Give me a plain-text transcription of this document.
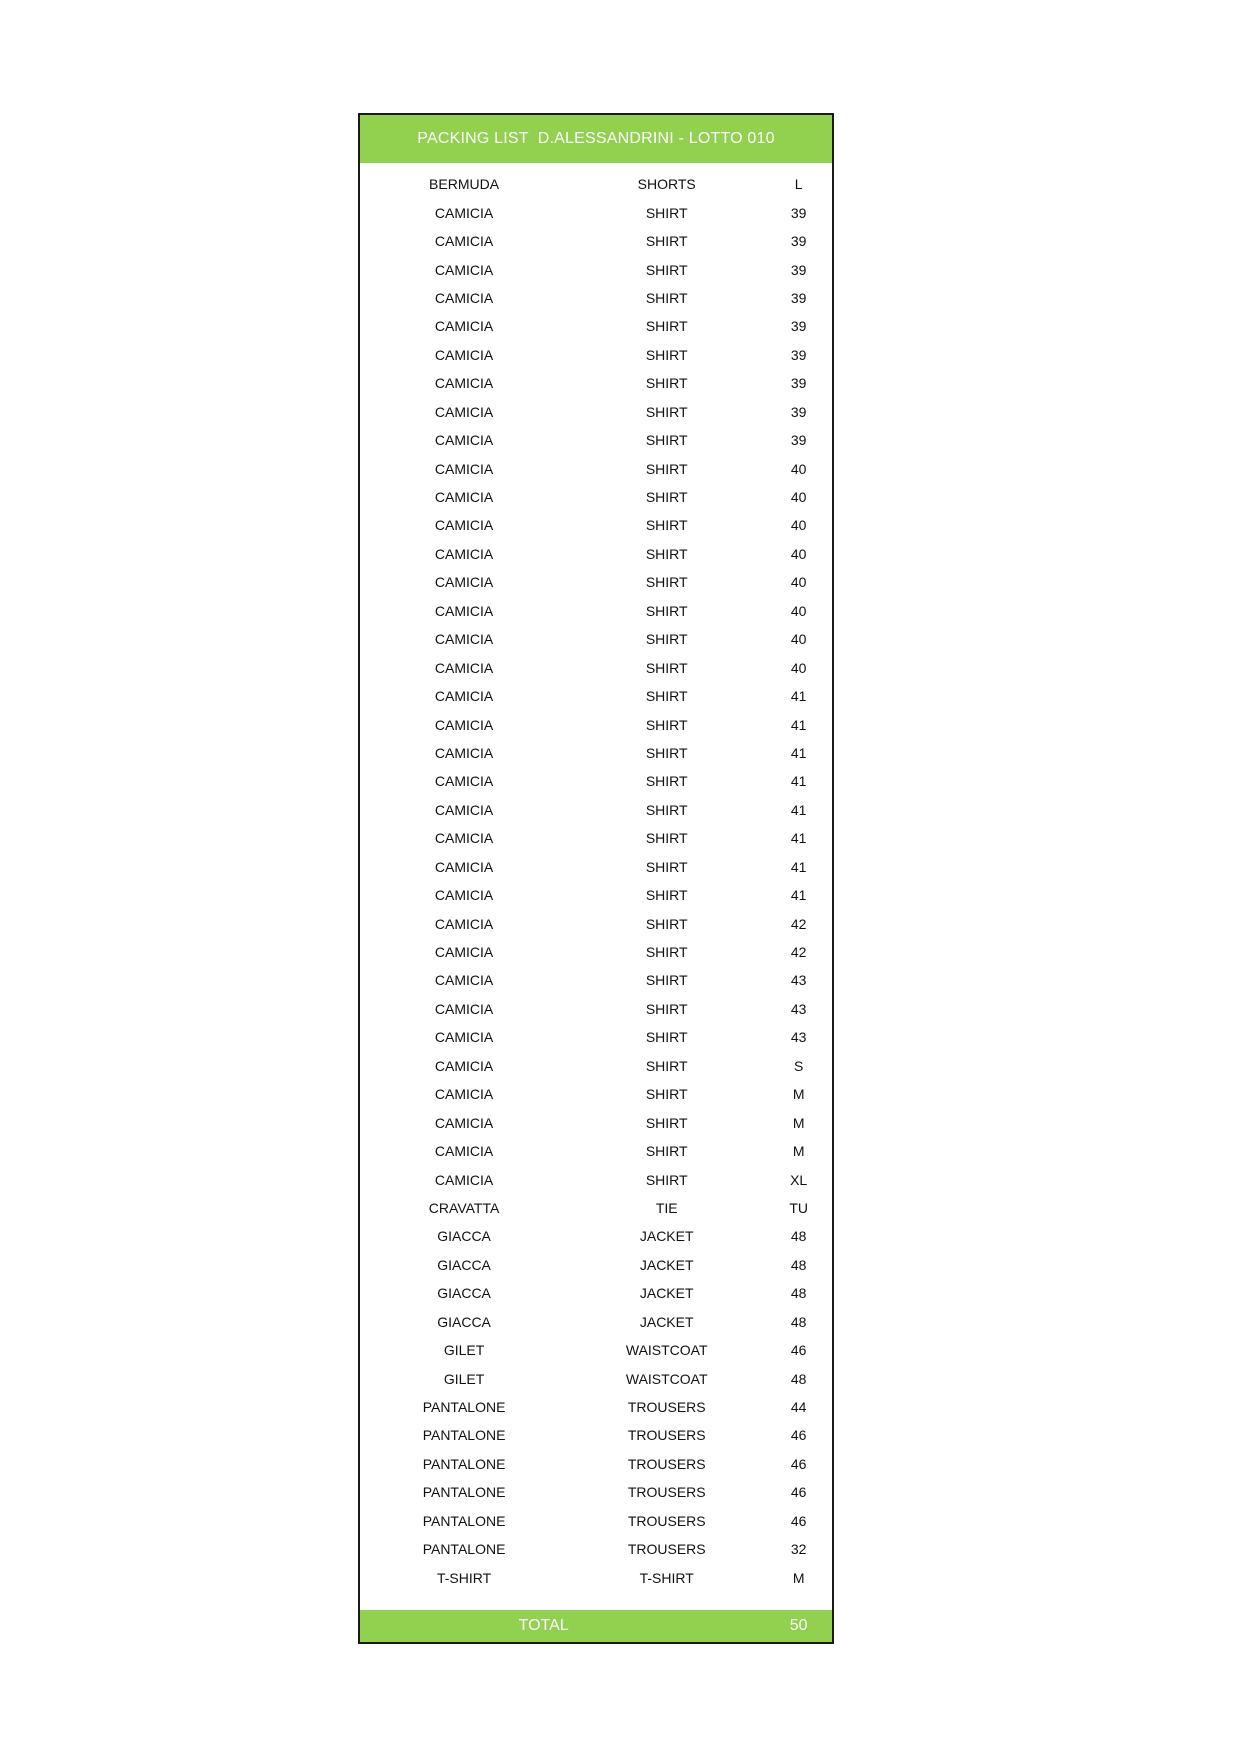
PACKING LIST  D.ALESSANDRINI - LOTTO 010
BERMUDA	SHORTS	L
CAMICIA	SHIRT	39
CAMICIA	SHIRT	39
CAMICIA	SHIRT	39
CAMICIA	SHIRT	39
CAMICIA	SHIRT	39
CAMICIA	SHIRT	39
CAMICIA	SHIRT	39
CAMICIA	SHIRT	39
CAMICIA	SHIRT	39
CAMICIA	SHIRT	40
CAMICIA	SHIRT	40
CAMICIA	SHIRT	40
CAMICIA	SHIRT	40
CAMICIA	SHIRT	40
CAMICIA	SHIRT	40
CAMICIA	SHIRT	40
CAMICIA	SHIRT	40
CAMICIA	SHIRT	41
CAMICIA	SHIRT	41
CAMICIA	SHIRT	41
CAMICIA	SHIRT	41
CAMICIA	SHIRT	41
CAMICIA	SHIRT	41
CAMICIA	SHIRT	41
CAMICIA	SHIRT	41
CAMICIA	SHIRT	42
CAMICIA	SHIRT	42
CAMICIA	SHIRT	43
CAMICIA	SHIRT	43
CAMICIA	SHIRT	43
CAMICIA	SHIRT	S
CAMICIA	SHIRT	M
CAMICIA	SHIRT	M
CAMICIA	SHIRT	M
CAMICIA	SHIRT	XL
CRAVATTA	TIE	TU
GIACCA	JACKET	48
GIACCA	JACKET	48
GIACCA	JACKET	48
GIACCA	JACKET	48
GILET	WAISTCOAT	46
GILET	WAISTCOAT	48
PANTALONE	TROUSERS	44
PANTALONE	TROUSERS	46
PANTALONE	TROUSERS	46
PANTALONE	TROUSERS	46
PANTALONE	TROUSERS	46
PANTALONE	TROUSERS	32
T-SHIRT	T-SHIRT	M
TOTAL	50
